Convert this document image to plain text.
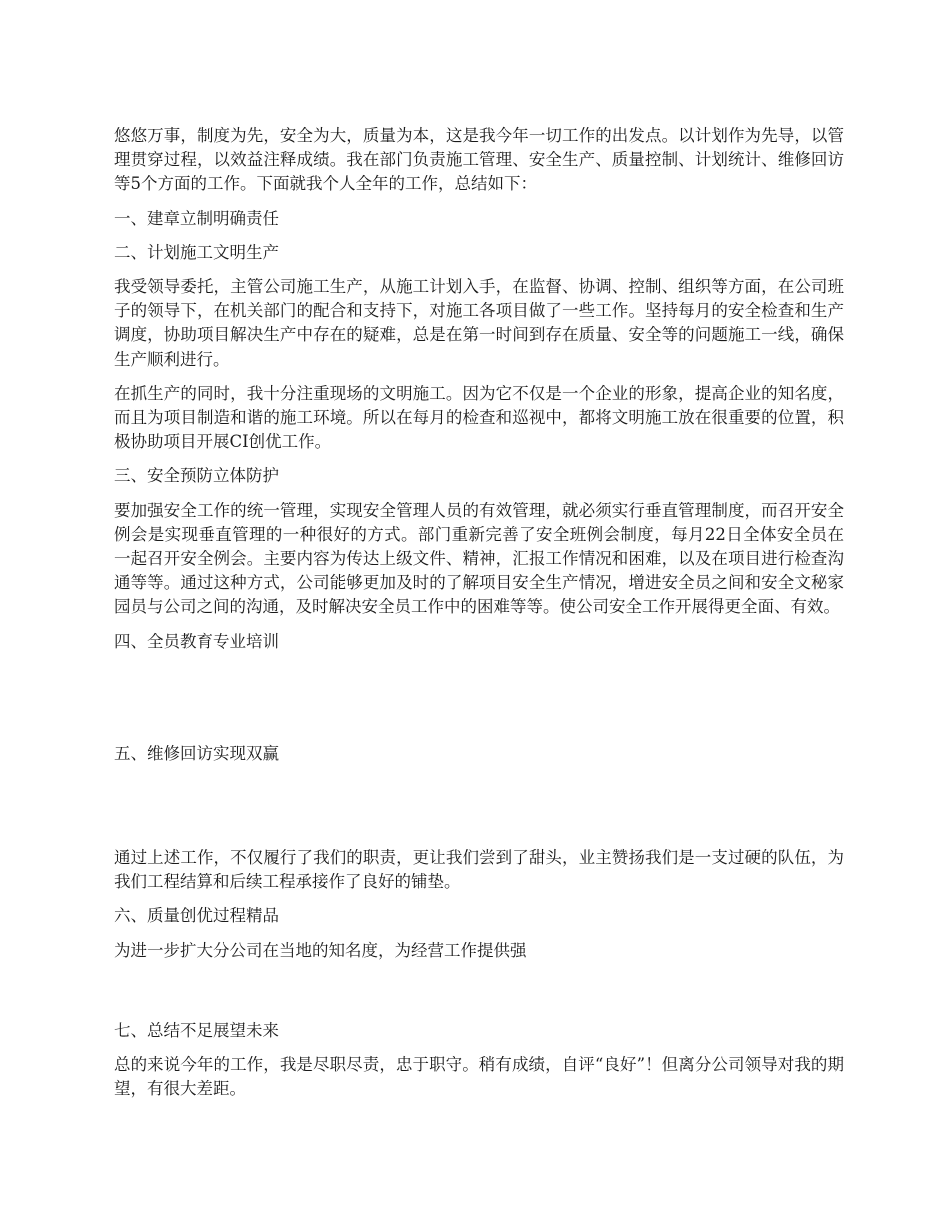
悠悠万事，制度为先，安全为大，质量为本，这是我今年一切工作的出发点。以计划作为先导，以管理贯穿过程，以效益注释成绩。我在部门负责施工管理、安全生产、质量控制、计划统计、维修回访等5个方面的工作。下面就我个人全年的工作，总结如下：

一、建章立制明确责任

二、计划施工文明生产

我受领导委托，主管公司施工生产，从施工计划入手，在监督、协调、控制、组织等方面，在公司班子的领导下，在机关部门的配合和支持下，对施工各项目做了一些工作。坚持每月的安全检查和生产调度，协助项目解决生产中存在的疑难，总是在第一时间到存在质量、安全等的问题施工一线，确保生产顺利进行。

在抓生产的同时，我十分注重现场的文明施工。因为它不仅是一个企业的形象，提高企业的知名度，而且为项目制造和谐的施工环境。所以在每月的检查和巡视中，都将文明施工放在很重要的位置，积极协助项目开展CI创优工作。

三、安全预防立体防护

要加强安全工作的统一管理，实现安全管理人员的有效管理，就必须实行垂直管理制度，而召开安全例会是实现垂直管理的一种很好的方式。部门重新完善了安全班例会制度，每月22日全体安全员在一起召开安全例会。主要内容为传达上级文件、精神，汇报工作情况和困难，以及在项目进行检查沟通等等。通过这种方式，公司能够更加及时的了解项目安全生产情况，增进安全员之间和安全文秘家园员与公司之间的沟通，及时解决安全员工作中的困难等等。使公司安全工作开展得更全面、有效。

四、全员教育专业培训

五、维修回访实现双赢

通过上述工作，不仅履行了我们的职责，更让我们尝到了甜头，业主赞扬我们是一支过硬的队伍，为我们工程结算和后续工程承接作了良好的铺垫。

六、质量创优过程精品

为进一步扩大分公司在当地的知名度，为经营工作提供强

七、总结不足展望未来

总的来说今年的工作，我是尽职尽责，忠于职守。稍有成绩，自评“良好”！但离分公司领导对我的期望，有很大差距。
